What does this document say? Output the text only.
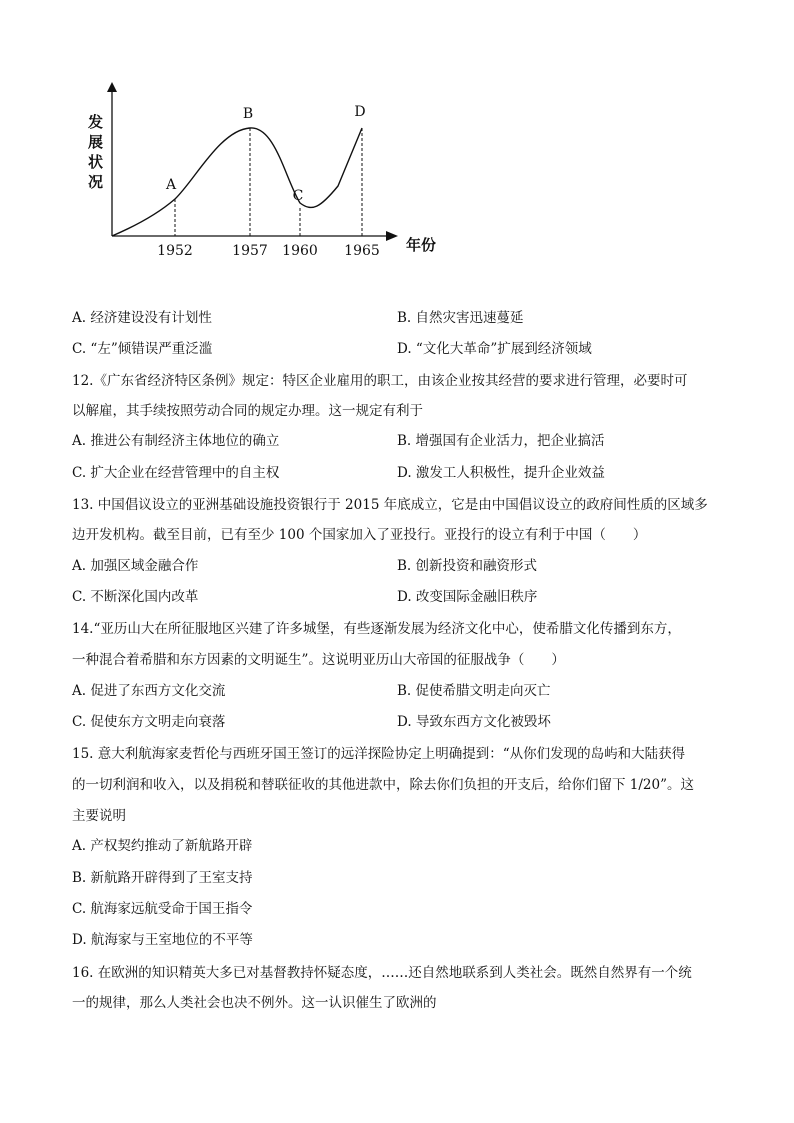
发
展
状
况	A
1952
B
1957
C
1960
D
1965 年份
A. 经济建设没有计划性	B. 自然灾害迅速蔓延
C. “左”倾错误严重泛滥	D. “文化大革命”扩展到经济领域
12.《广东省经济特区条例》规定：特区企业雇用的职工，由该企业按其经营的要求进行管理，必要时可
以解雇，其手续按照劳动合同的规定办理。这一规定有利于
A. 推进公有制经济主体地位的确立	B. 增强国有企业活力，把企业搞活
C. 扩大企业在经营管理中的自主权	D. 激发工人积极性，提升企业效益
13. 中国倡议设立的亚洲基础设施投资银行于 2015 年底成立，它是由中国倡议设立的政府间性质的区域多
边开发机构。截至目前，已有至少 100 个国家加入了亚投行。亚投行的设立有利于中国（　　）
A. 加强区域金融合作	B. 创新投资和融资形式
C. 不断深化国内改革	D. 改变国际金融旧秩序
14.“亚历山大在所征服地区兴建了许多城堡，有些逐渐发展为经济文化中心，使希腊文化传播到东方，
一种混合着希腊和东方因素的文明诞生”。这说明亚历山大帝国的征服战争（　　）
A. 促进了东西方文化交流	B. 促使希腊文明走向灭亡
C. 促使东方文明走向衰落	D. 导致东西方文化被毁坏
15. 意大利航海家麦哲伦与西班牙国王签订的远洋探险协定上明确提到：“从你们发现的岛屿和大陆获得
的一切利润和收入，以及捐税和替联征收的其他进款中，除去你们负担的开支后，给你们留下 1/20”。这
主要说明
A. 产权契约推动了新航路开辟
B. 新航路开辟得到了王室支持
C. 航海家远航受命于国王指令
D. 航海家与王室地位的不平等
16. 在欧洲的知识精英大多已对基督教持怀疑态度，……还自然地联系到人类社会。既然自然界有一个统
一的规律，那么人类社会也决不例外。这一认识催生了欧洲的
